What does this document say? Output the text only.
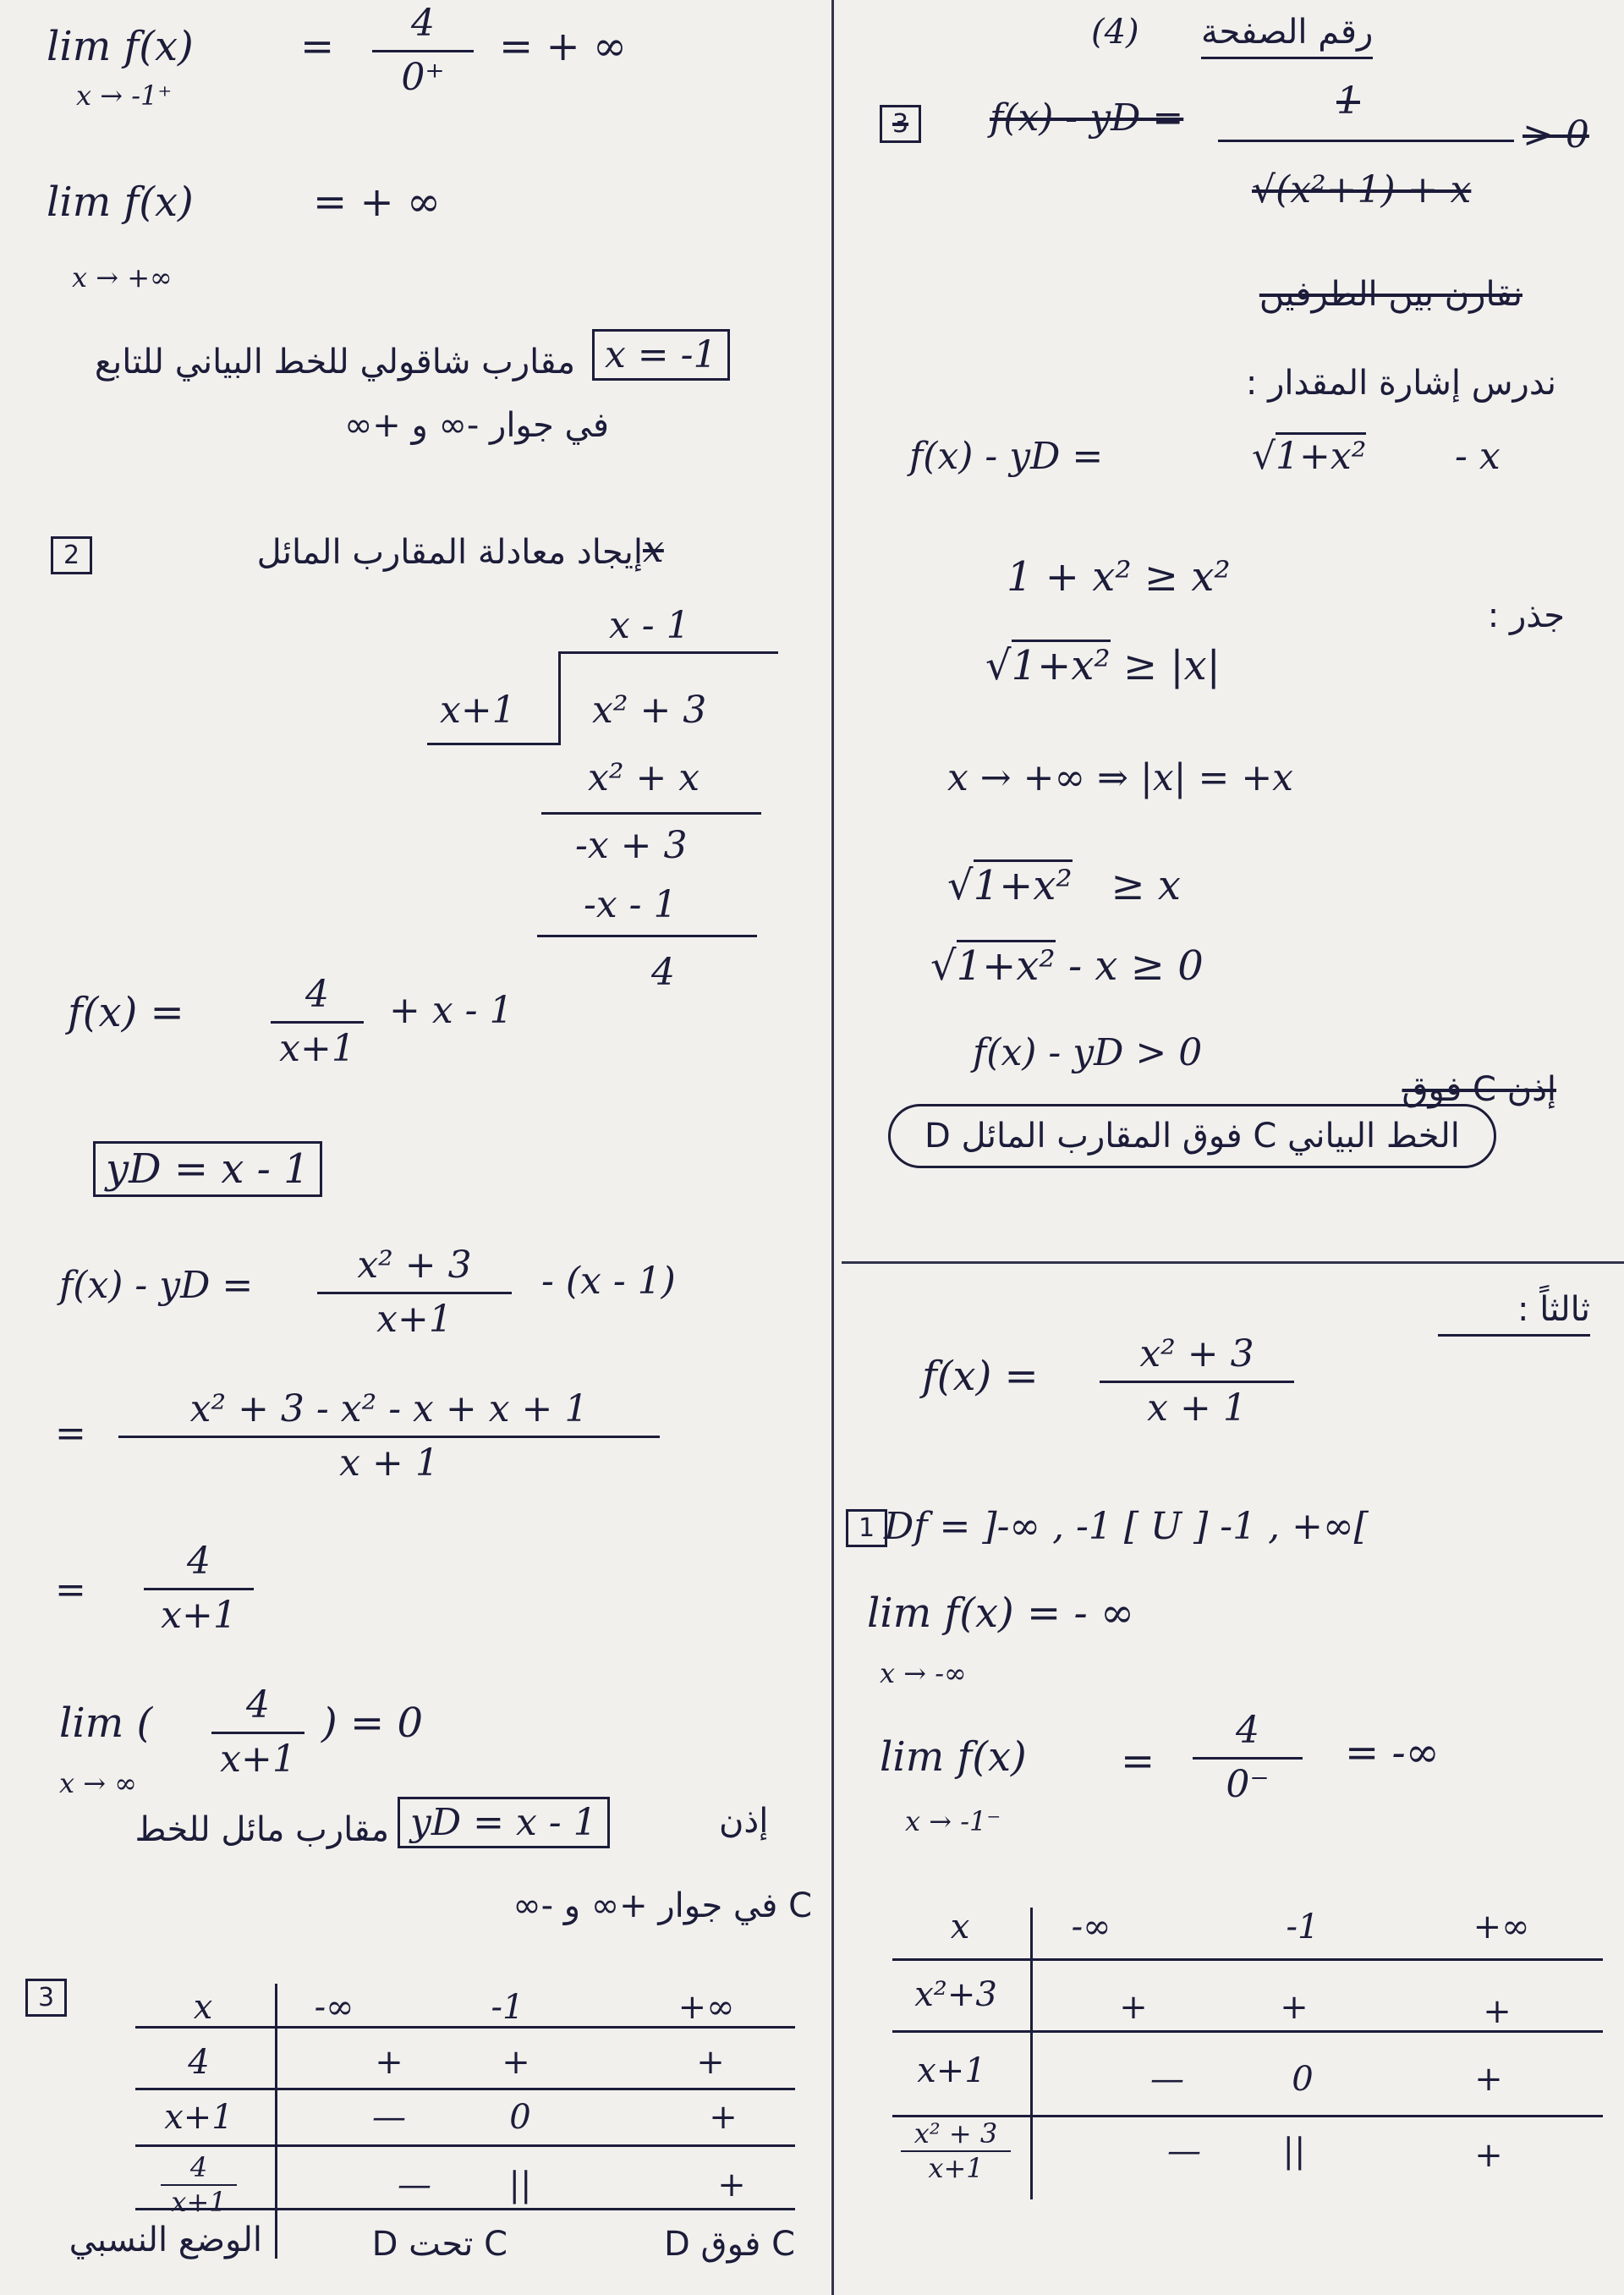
lim f(x)
x → -1⁺
=	4
0⁺
= + ∞
lim f(x)
x → +∞
= + ∞
x = -1
مقارب شاقولي للخط البياني للتابع
في جوار -∞ و +∞
2	إيجاد معادلة المقارب المائل x
x - 1
x+1 x² + 3
x² + x
-x + 3
-x - 1
4
f(x) =	4
x+1
+ x - 1
yD = x - 1
f(x) - yD =	x² + 3
x+1
- (x - 1)
=
x² + 3 - x² - x + x + 1
x + 1
=
4
x+1
lim (	4
x+1
) = 0
x → ∞
إذن
yD = x - 1
مقارب مائل للخط
C في جوار +∞ و -∞
3	x	-∞	-1	+∞
4	+	+	+
x+1	—	0	+
4
x+1	—	||	+
الوضع النسبي	C تحت D	C فوق D
(4) رقم الصفحة
3	f(x) - yD =	1
√(x²+1) + x
> 0
نقارن بين الطرفين
ندرس إشارة المقدار :
f(x) - yD =	√1+x² - x
1 + x² ≥ x²
جذر :
√1+x² ≥ |x|
x → +∞ ⇒ |x| = +x
√1+x² ≥ x
√1+x² - x ≥ 0
f(x) - yD > 0
إذن C فوق
الخط البياني C فوق المقارب المائل D
ثالثاً :
f(x) =	x² + 3
x + 1
1 Df = ]-∞ , -1 [ U ] -1 , +∞[
lim f(x) = - ∞
x → -∞
lim f(x) =
4
0⁻
= -∞
x → -1⁻
x	-∞	-1	+∞
x²+3	+	+	+
x+1	—	0	+
x² + 3
x+1	—	||	+
